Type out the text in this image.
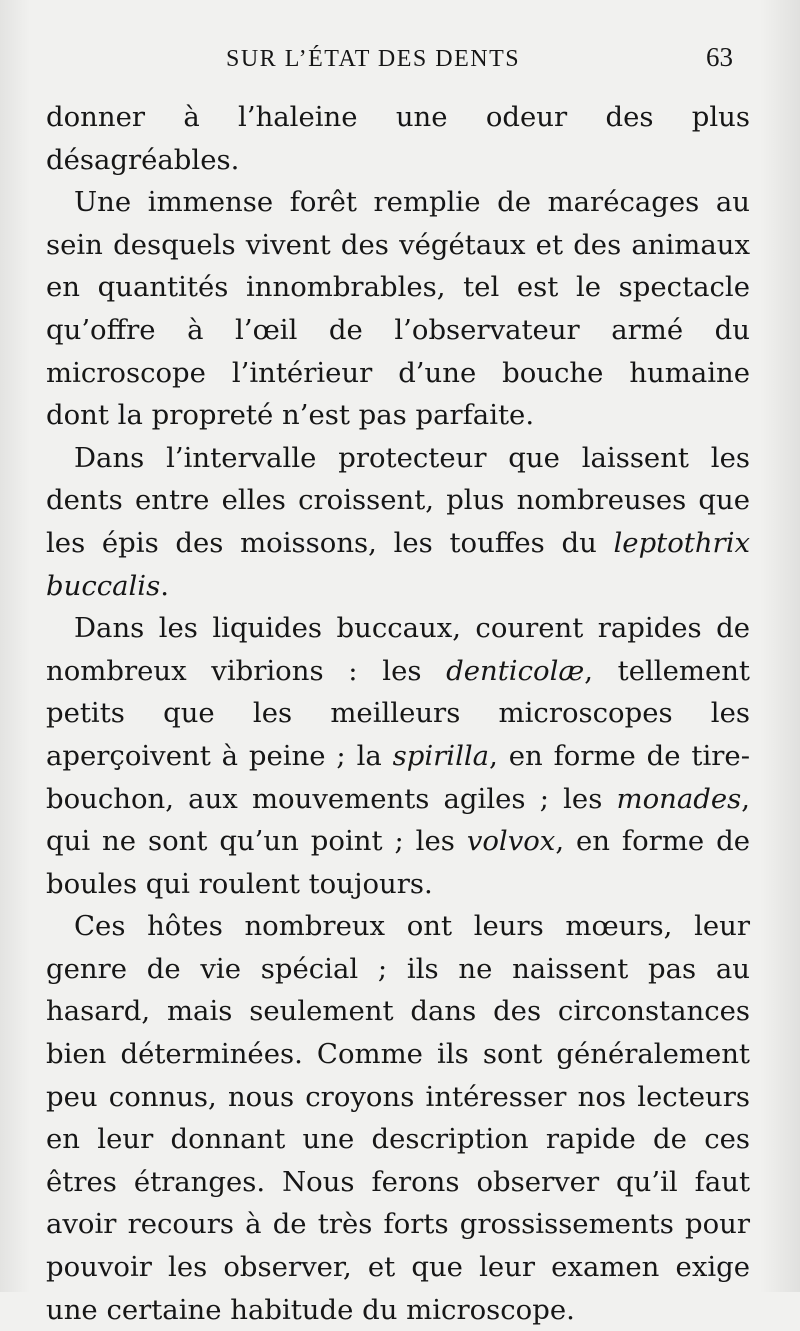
SUR L’ÉTAT DES DENTS	63

donner à l’haleine une odeur des plus désagréables.

Une immense forêt remplie de marécages au sein desquels vivent des végétaux et des animaux en quantités innombrables, tel est le spectacle qu’offre à l’œil de l’observateur armé du microscope l’intérieur d’une bouche humaine dont la propreté n’est pas parfaite.

Dans l’intervalle protecteur que laissent les dents entre elles croissent, plus nombreuses que les épis des moissons, les touffes du leptothrix buccalis.

Dans les liquides buccaux, courent rapides de nombreux vibrions : les denticolæ, tellement petits que les meilleurs microscopes les aperçoivent à peine ; la spirilla, en forme de tire-bouchon, aux mouvements agiles ; les monades, qui ne sont qu’un point ; les volvox, en forme de boules qui roulent toujours.

Ces hôtes nombreux ont leurs mœurs, leur genre de vie spécial ; ils ne naissent pas au hasard, mais seulement dans des circonstances bien déterminées. Comme ils sont généralement peu connus, nous croyons intéresser nos lecteurs en leur donnant une description rapide de ces êtres étranges. Nous ferons observer qu’il faut avoir recours à de très forts grossissements pour pouvoir les observer, et que leur examen exige une certaine habitude du microscope.
